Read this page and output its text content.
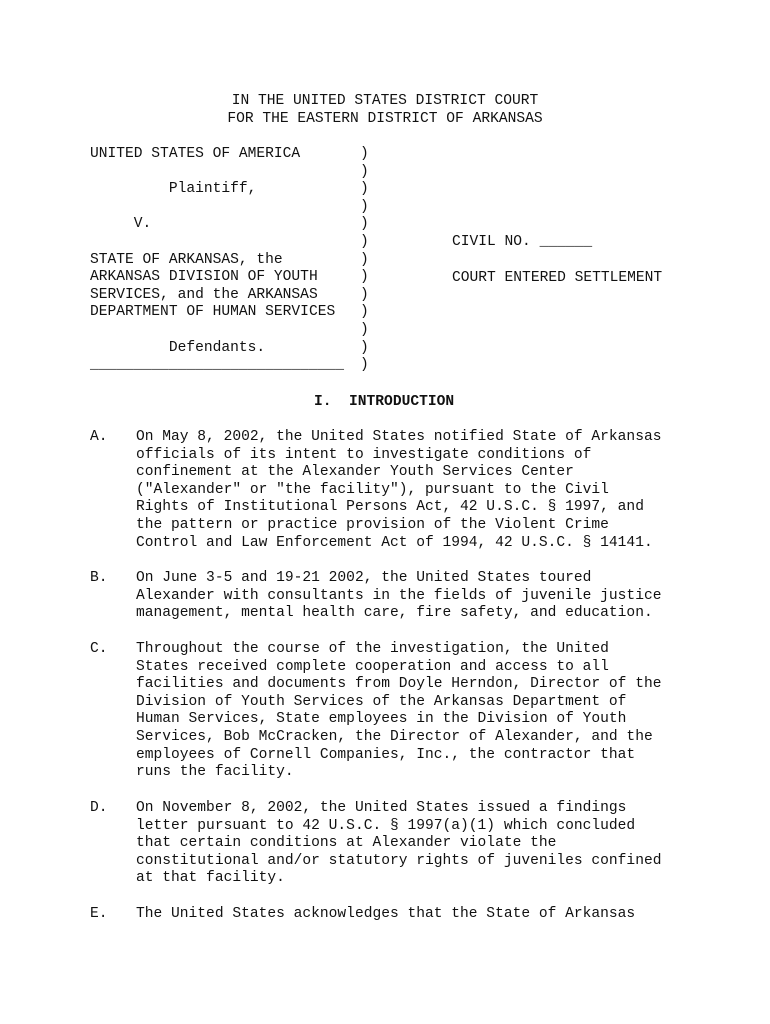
IN THE UNITED STATES DISTRICT COURT
FOR THE EASTERN DISTRICT OF ARKANSAS
UNITED STATES OF AMERICA
Plaintiff,
V.
STATE OF ARKANSAS, the
ARKANSAS DIVISION OF YOUTH
SERVICES, and the ARKANSAS
DEPARTMENT OF HUMAN SERVICES
Defendants.
_____________________________
)
)
)
)
)
)
)
)
)
)
)
)
)
CIVIL NO. ______
COURT ENTERED SETTLEMENT
I. INTRODUCTION
A. On May 8, 2002, the United States notified State of Arkansas
officials of its intent to investigate conditions of
confinement at the Alexander Youth Services Center
("Alexander" or "the facility"), pursuant to the Civil
Rights of Institutional Persons Act, 42 U.S.C. § 1997, and
the pattern or practice provision of the Violent Crime
Control and Law Enforcement Act of 1994, 42 U.S.C. § 14141.
B. On June 3-5 and 19-21 2002, the United States toured
Alexander with consultants in the fields of juvenile justice
management, mental health care, fire safety, and education.
C. Throughout the course of the investigation, the United
States received complete cooperation and access to all
facilities and documents from Doyle Herndon, Director of the
Division of Youth Services of the Arkansas Department of
Human Services, State employees in the Division of Youth
Services, Bob McCracken, the Director of Alexander, and the
employees of Cornell Companies, Inc., the contractor that
runs the facility.
D. On November 8, 2002, the United States issued a findings
letter pursuant to 42 U.S.C. § 1997(a)(1) which concluded
that certain conditions at Alexander violate the
constitutional and/or statutory rights of juveniles confined
at that facility.
E. The United States acknowledges that the State of Arkansas
